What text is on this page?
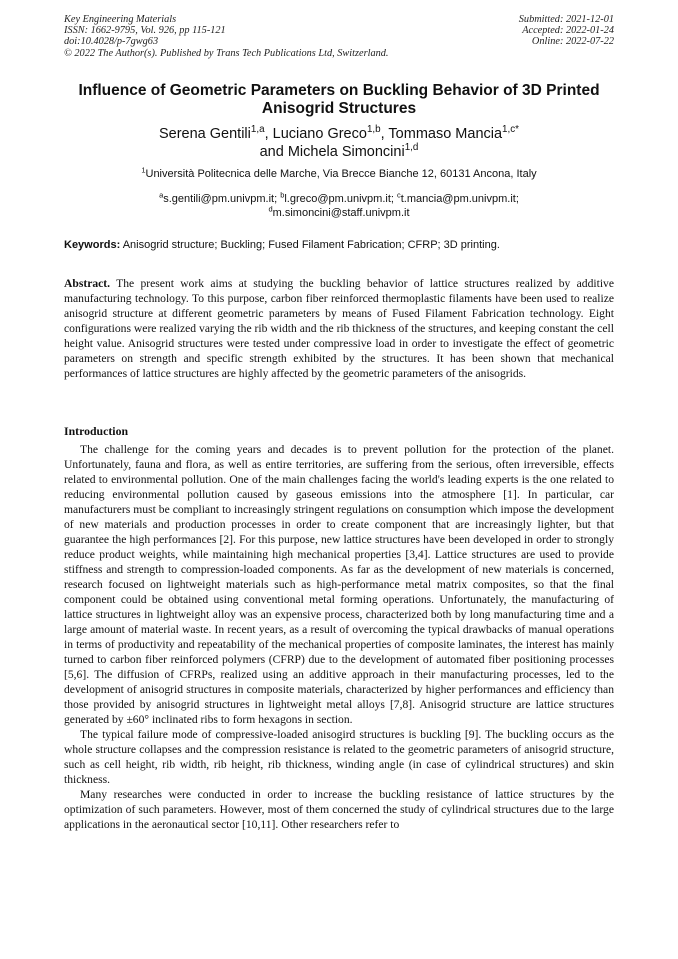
Key Engineering Materials
ISSN: 1662-9795, Vol. 926, pp 115-121
doi:10.4028/p-7gwg63
© 2022 The Author(s). Published by Trans Tech Publications Ltd, Switzerland.
Submitted: 2021-12-01
Accepted: 2022-01-24
Online: 2022-07-22
Influence of Geometric Parameters on Buckling Behavior of 3D Printed
Anisogrid Structures
Serena Gentili$^{1,a}$, Luciano Greco$^{1,b}$, Tommaso Mancia$^{1,c*}$
and Michela Simoncini$^{1,d}$
$^1$Università Politecnica delle Marche, Via Brecce Bianche 12, 60131 Ancona, Italy
$^a$s.gentili@pm.univpm.it; $^b$l.greco@pm.univpm.it; $^c$t.mancia@pm.univpm.it;
$^d$m.simoncini@staff.univpm.it
Keywords: Anisogrid structure; Buckling; Fused Filament Fabrication; CFRP; 3D printing.
Abstract. The present work aims at studying the buckling behavior of lattice structures realized by additive manufacturing technology. To this purpose, carbon fiber reinforced thermoplastic filaments have been used to realize anisogrid structure at different geometric parameters by means of Fused Filament Fabrication technology. Eight configurations were realized varying the rib width and the rib thickness of the structures, and keeping constant the cell height value. Anisogrid structures were tested under compressive load in order to investigate the effect of geometric parameters on strength and specific strength exhibited by the structures. It has been shown that mechanical performances of lattice structures are highly affected by the geometric parameters of the anisogrids.
Introduction

The challenge for the coming years and decades is to prevent pollution for the protection of the planet. Unfortunately, fauna and flora, as well as entire territories, are suffering from the serious, often irreversible, effects related to environmental pollution. One of the main challenges facing the world's leading experts is the one related to reducing environmental pollution caused by gaseous emissions into the atmosphere [1]. In particular, car manufacturers must be compliant to increasingly stringent regulations on consumption which impose the development of new materials and production processes in order to create component that are increasingly lighter, but that guarantee the high performances [2]. For this purpose, new lattice structures have been developed in order to strongly reduce product weights, while maintaining high mechanical properties [3,4]. Lattice structures are used to provide stiffness and strength to compression-loaded components. As far as the development of new materials is concerned, research focused on lightweight materials such as high-performance metal matrix composites, so that the final component could be obtained using conventional metal forming operations. Unfortunately, the manufacturing of lattice structures in lightweight alloy was an expensive process, characterized both by long manufacturing time and a large amount of material waste. In recent years, as a result of overcoming the typical drawbacks of manual operations in terms of productivity and repeatability of the mechanical properties of composite laminates, the interest has mainly turned to carbon fiber reinforced polymers (CFRP) due to the development of automated fiber positioning processes [5,6]. The diffusion of CFRPs, realized using an additive approach in their manufacturing processes, led to the development of anisogrid structures in composite materials, characterized by higher performances and efficiency than those provided by anisogrid structures in lightweight metal alloys [7,8]. Anisogrid structure are lattice structures generated by ±60° inclinated ribs to form hexagons in section.

The typical failure mode of compressive-loaded anisogird structures is buckling [9]. The buckling occurs as the whole structure collapses and the compression resistance is related to the geometric parameters of anisogrid structure, such as cell height, rib width, rib height, rib thickness, winding angle (in case of cylindrical structures) and skin thickness.

Many researches were conducted in order to increase the buckling resistance of lattice structures by the optimization of such parameters. However, most of them concerned the study of cylindrical structures due to the large applications in the aeronautical sector [10,11]. Other researchers refer to
